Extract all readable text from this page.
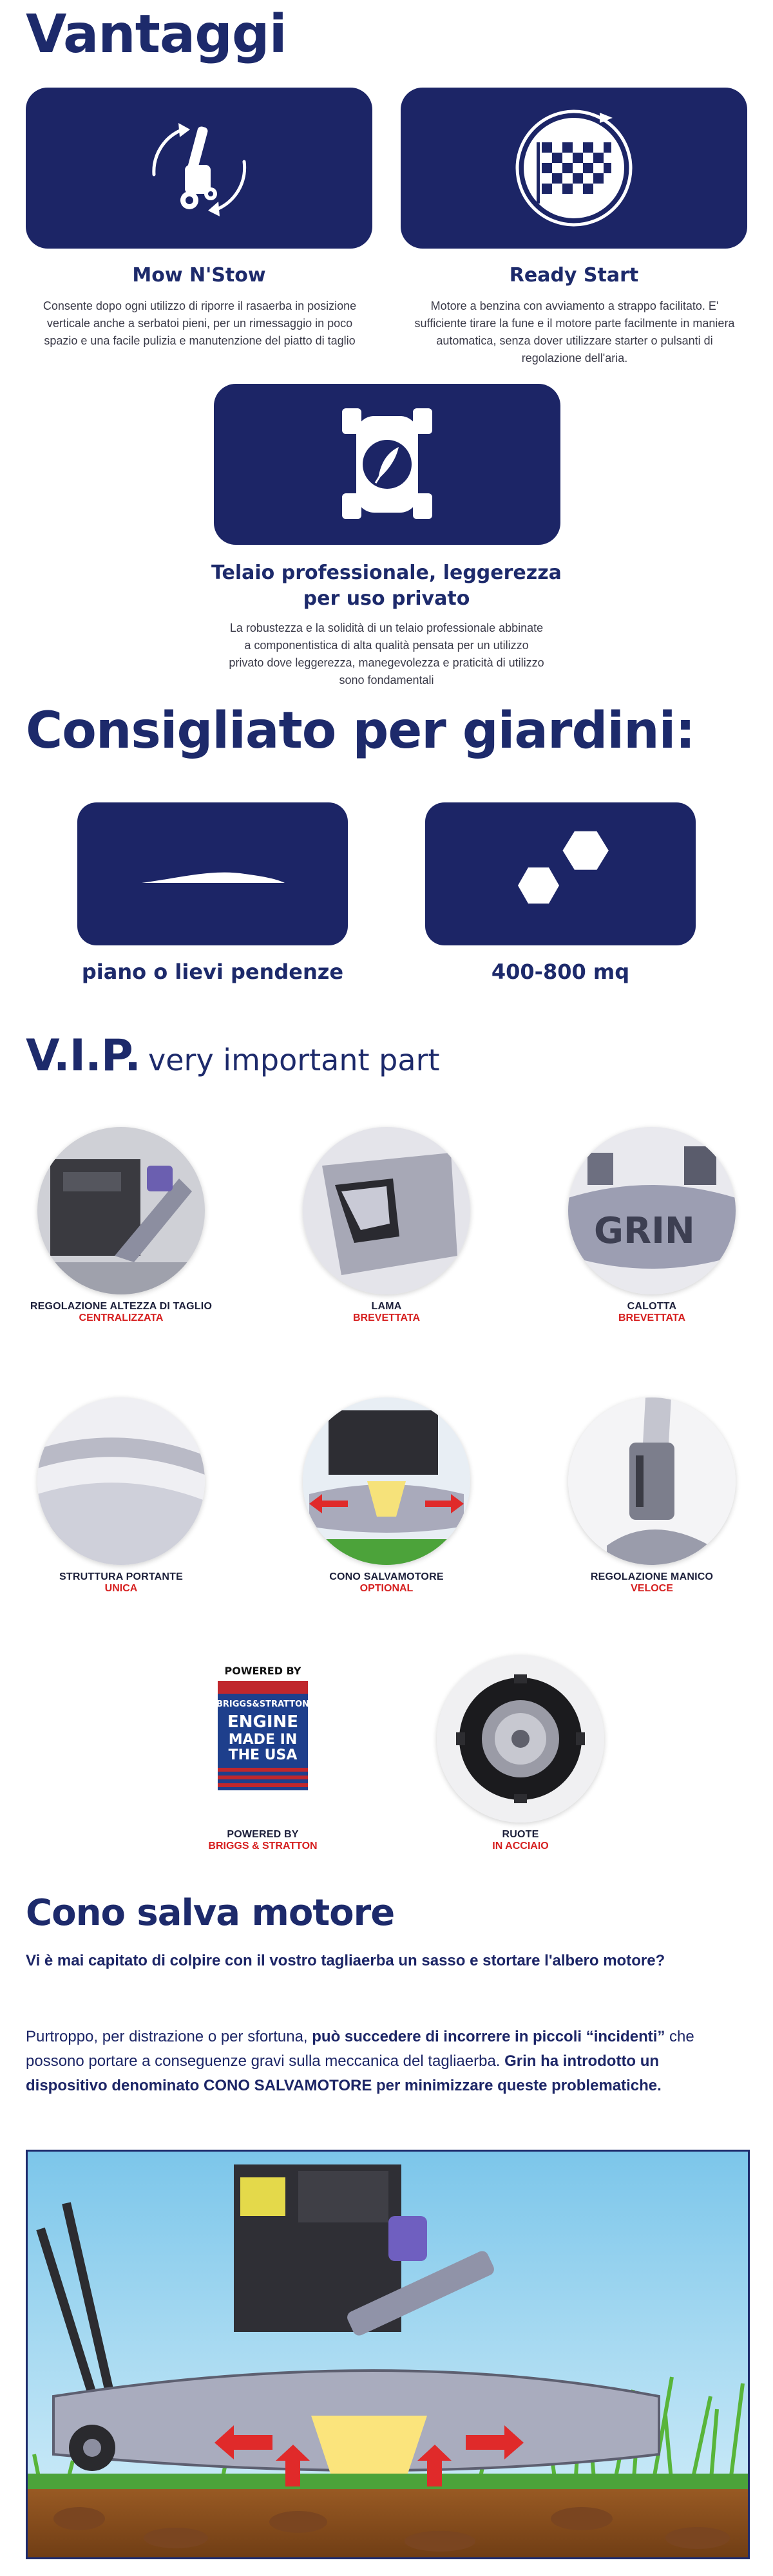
Vantaggi
Mow N'Stow
Consente dopo ogni utilizzo di riporre il rasaerba in posizione verticale anche a serbatoi pieni, per un rimessaggio in poco spazio e una facile pulizia e manutenzione del piatto di taglio
Ready Start
Motore a benzina con avviamento a strappo facilitato. E' sufficiente tirare la fune e il motore parte facilmente in maniera automatica, senza dover utilizzare starter o pulsanti di regolazione dell'aria.
Telaio professionale, leggerezza per uso privato
La robustezza e la solidità di un telaio professionale abbinate a componentistica di alta qualità pensata per un utilizzo privato dove leggerezza, manegevolezza e praticità di utilizzo sono fondamentali
Consigliato per giardini:
piano o lievi pendenze	400-800 mq
V.I.P. very important part
REGOLAZIONE ALTEZZA DI TAGLIO
CENTRALIZZATA
LAMA
BREVETTATA
GRIN
CALOTTA
BREVETTATA
STRUTTURA PORTANTE
UNICA
CONO SALVAMOTORE
OPTIONAL
REGOLAZIONE MANICO
VELOCE
POWERED BY
BRIGGS&STRATTON
ENGINE
MADE IN
THE USA
POWERED BY
BRIGGS & STRATTON
RUOTE
IN ACCIAIO
Cono salva motore
Vi è mai capitato di colpire con il vostro tagliaerba un sasso e stortare l'albero motore?
Purtroppo, per distrazione o per sfortuna, può succedere di incorrere in piccoli “incidenti” che possono portare a conseguenze gravi sulla meccanica del tagliaerba. Grin ha introdotto un dispositivo denominato CONO SALVAMOTORE per minimizzare queste problematiche.
